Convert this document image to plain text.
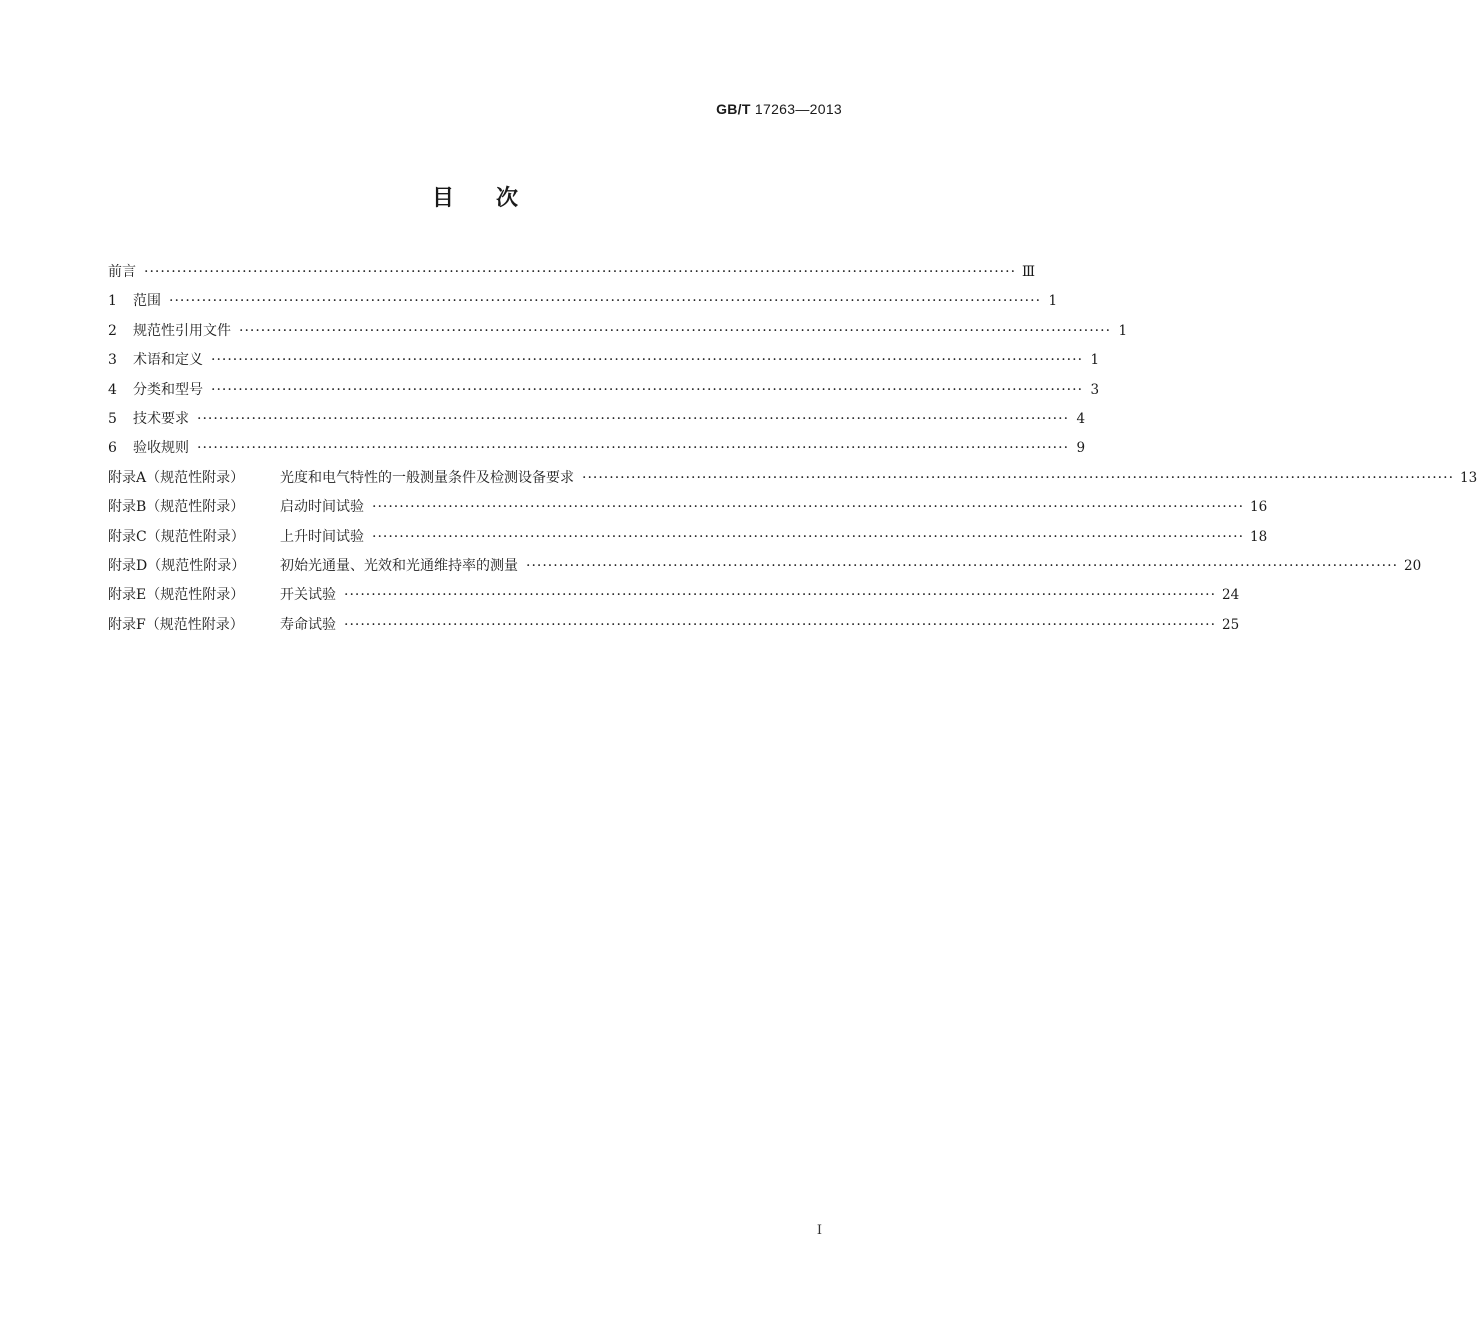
GB/T 17263—2013
目次
前言 ································································································································································ Ⅲ
1 范围 ································································································································································ 1
2 规范性引用文件 ································································································································································ 1
3 术语和定义 ································································································································································ 1
4 分类和型号 ································································································································································ 3
5 技术要求 ································································································································································ 4
6 验收规则 ································································································································································ 9
附录A（规范性附录）	光度和电气特性的一般测量条件及检测设备要求 ································································································································································ 13
附录B（规范性附录）	启动时间试验 ································································································································································ 16
附录C（规范性附录）	上升时间试验 ································································································································································ 18
附录D（规范性附录） 初始光通量、光效和光通维持率的测量 ································································································································································ 20
附录E（规范性附录）	开关试验 ································································································································································ 24
附录F（规范性附录）	寿命试验 ································································································································································ 25
Ⅰ
